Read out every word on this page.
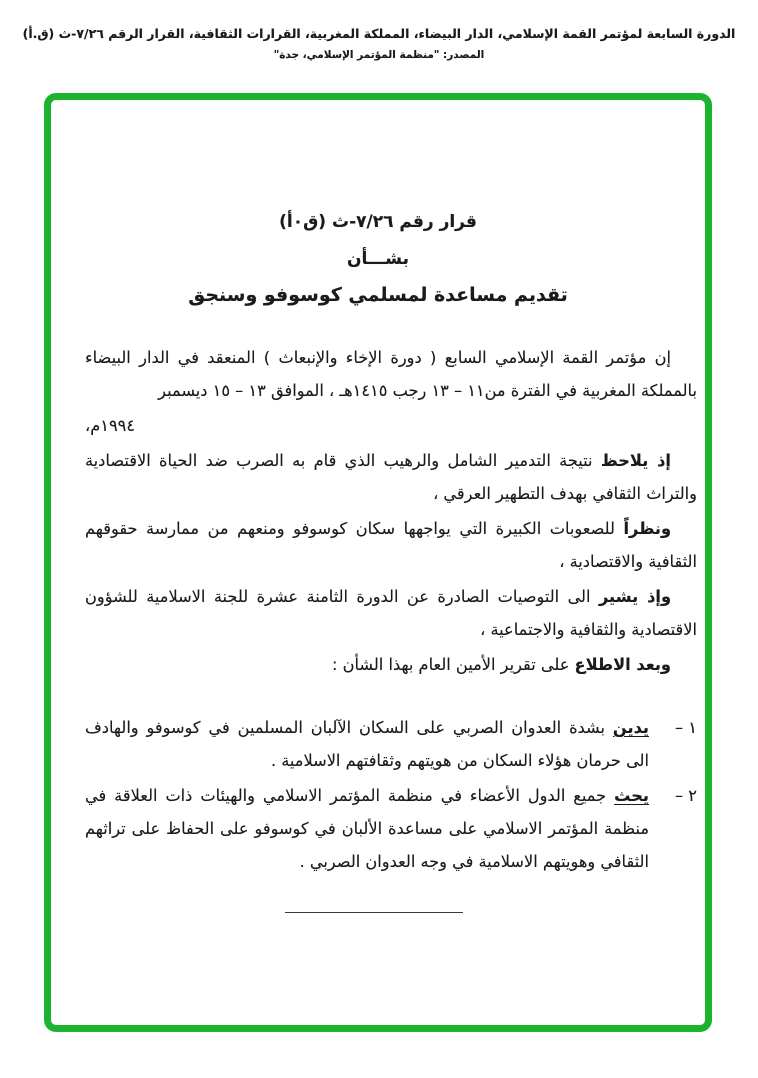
الدورة السابعة لمؤتمر القمة الإسلامي، الدار البيضاء، المملكة المغربية، القرارات الثقافية، القرار الرقم ٧/٢٦-ث (ق.أ)
المصدر: "منظمة المؤتمر الإسلامي، جدة"
قرار رقم ٧/٢٦-ث (ق٠أ)
بشـــأن
تقديم مساعدة لمسلمي كوسوفو وسنجق

إن مؤتمر القمة الإسلامي السابع ( دورة الإخاء والإنبعاث ) المنعقد في الدار البيضاء بالمملكة المغربية في الفترة من١١ – ١٣ رجب ١٤١٥هـ ، الموافق ١٣ – ١٥ ديسمبر

١٩٩٤م،

إذ يلاحظ نتيجة التدمير الشامل والرهيب الذي قام به الصرب ضد الحياة الاقتصادية والتراث الثقافي بهدف التطهير العرقي ،

ونظراً للصعوبات الكبيرة التي يواجهها سكان كوسوفو ومنعهم من ممارسة حقوقهم الثقافية والاقتصادية ،

وإذ يشير الى التوصيات الصادرة عن الدورة الثامنة عشرة للجنة الاسلامية للشؤون الاقتصادية والثقافية والاجتماعية ،

وبعد الاطلاع على تقرير الأمين العام بهذا الشأن :

١ –
يدين بشدة العدوان الصربي على السكان الآلبان المسلمين في كوسوفو والهادف الى حرمان هؤلاء السكان من هويتهم وثقافتهم الاسلامية .
٢ –
يحث جميع الدول الأعضاء في منظمة المؤتمر الاسلامي والهيئات ذات العلاقة في منظمة المؤتمر الاسلامي على مساعدة الألبان في كوسوفو على الحفاظ على تراثهم الثقافي وهويتهم الاسلامية في وجه العدوان الصربي .
